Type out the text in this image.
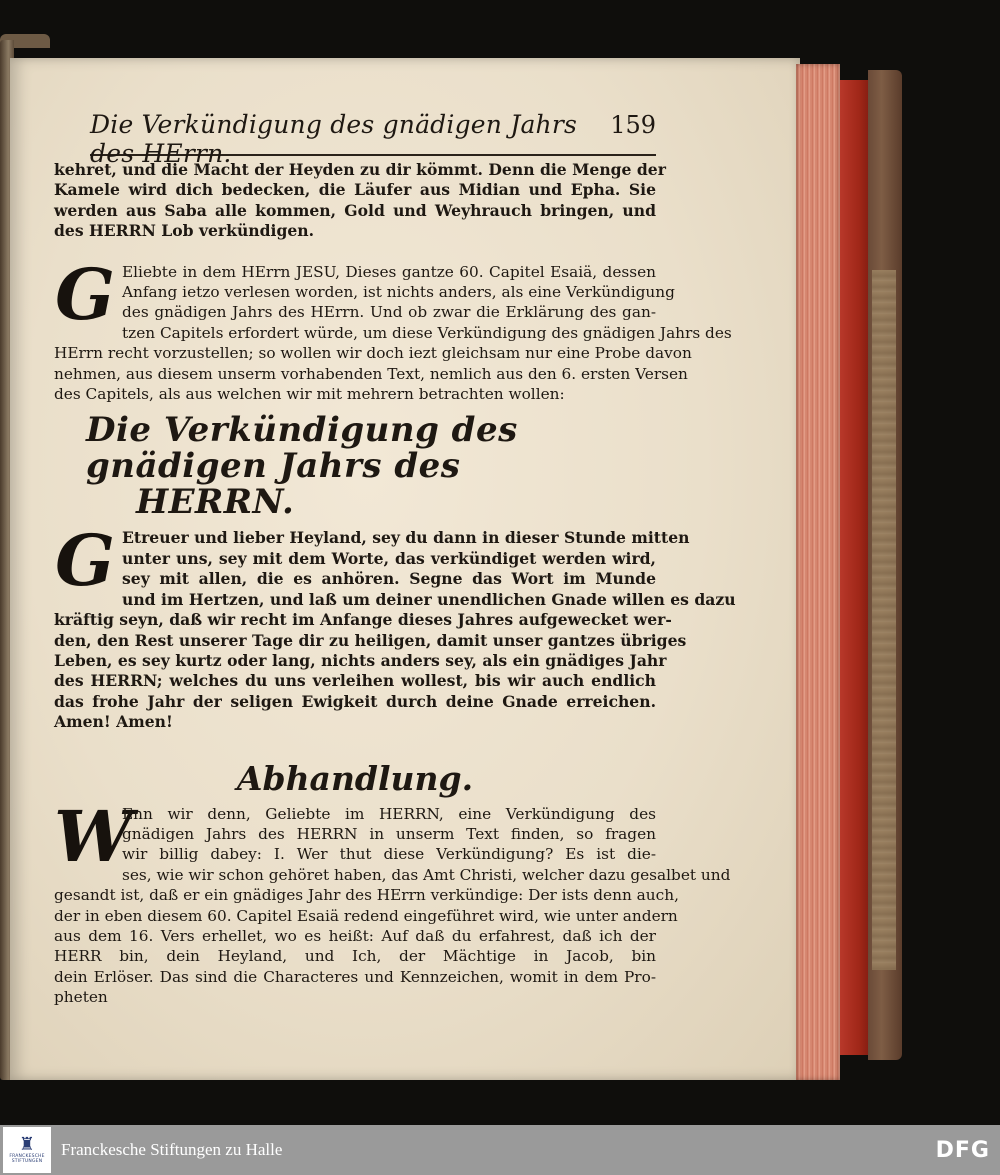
Die Verkündigung des gnädigen Jahrs des HErrn.
159

kehret, und die Macht der Heyden zu dir kömmt. Denn die Menge der
Kamele wird dich bedecken, die Läufer aus Midian und Epha. Sie
werden aus Saba alle kommen, Gold und Weyhrauch bringen, und
des HERRN Lob verkündigen.

G Eliebte in dem HErrn JESU, Dieses gantze 60. Capitel Esaiä, dessen
Anfang ietzo verlesen worden, ist nichts anders, als eine Verkündigung
des gnädigen Jahrs des HErrn. Und ob zwar die Erklärung des gan-
tzen Capitels erfordert würde, um diese Verkündigung des gnädigen Jahrs des
HErrn recht vorzustellen; so wollen wir doch iezt gleichsam nur eine Probe davon
nehmen, aus diesem unserm vorhabenden Text, nemlich aus den 6. ersten Versen
des Capitels, als aus welchen wir mit mehrern betrachten wollen:
Die Verkündigung des gnädigen Jahrs des
HERRN.
G Etreuer und lieber Heyland, sey du dann in dieser Stunde mitten
unter uns, sey mit dem Worte, das verkündiget werden wird,
sey mit allen, die es anhören. Segne das Wort im Munde
und im Hertzen, und laß um deiner unendlichen Gnade willen es dazu
kräftig seyn, daß wir recht im Anfange dieses Jahres aufgewecket wer-
den, den Rest unserer Tage dir zu heiligen, damit unser gantzes übriges
Leben, es sey kurtz oder lang, nichts anders sey, als ein gnädiges Jahr
des HERRN; welches du uns verleihen wollest, bis wir auch endlich
das frohe Jahr der seligen Ewigkeit durch deine Gnade erreichen.
Amen! Amen!
Abhandlung.
W
Enn wir denn, Geliebte im HERRN, eine Verkündigung des
gnädigen Jahrs des HERRN in unserm Text finden, so fragen
wir billig dabey: I. Wer thut diese Verkündigung? Es ist die-
ses, wie wir schon gehöret haben, das Amt Christi, welcher dazu gesalbet und
gesandt ist, daß er ein gnädiges Jahr des HErrn verkündige: Der ists denn auch,
der in eben diesem 60. Capitel Esaiä redend eingeführet wird, wie unter andern
aus dem 16. Vers erhellet, wo es heißt: Auf daß du erfahrest, daß ich der
HERR bin, dein Heyland, und Ich, der Mächtige in Jacob, bin
dein Erlöser. Das sind die Characteres und Kennzeichen, womit in dem Pro-
pheten
♜
FRANCKESCHE
STIFTUNGEN
Franckesche Stiftungen zu Halle	DFG
